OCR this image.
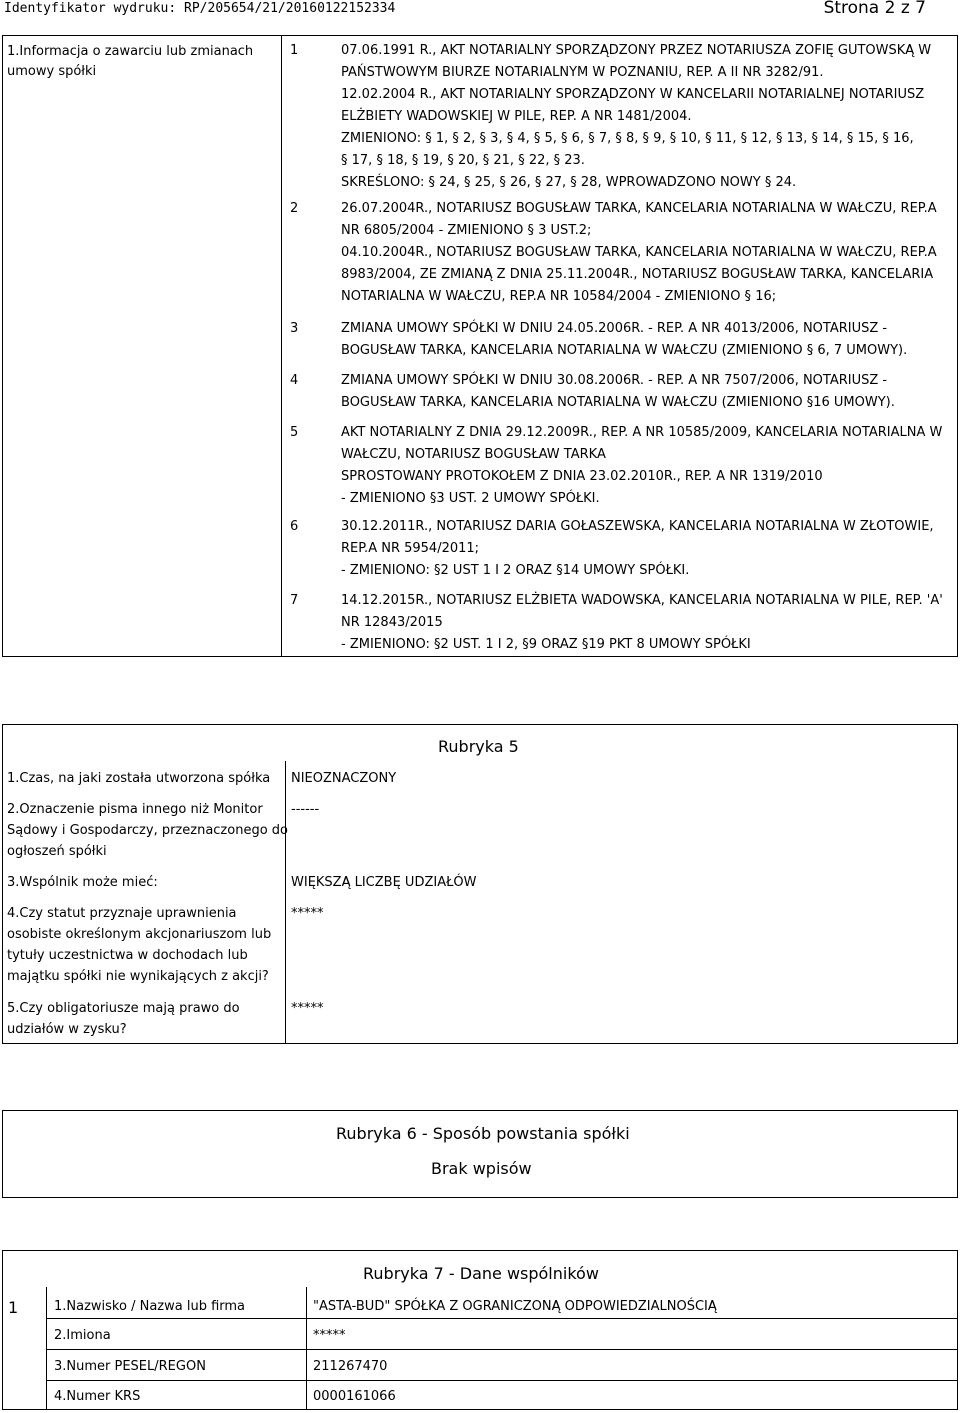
Identyfikator wydruku: RP/205654/21/20160122152334	Strona 2 z 7
1.Informacja o zawarciu lub zmianach
umowy spółki
1	07.06.1991 R., AKT NOTARIALNY SPORZĄDZONY PRZEZ NOTARIUSZA ZOFIĘ GUTOWSKĄ W
PAŃSTWOWYM BIURZE NOTARIALNYM W POZNANIU, REP. A II NR 3282/91.
12.02.2004 R., AKT NOTARIALNY SPORZĄDZONY W KANCELARII NOTARIALNEJ NOTARIUSZ
ELŻBIETY WADOWSKIEJ W PILE, REP. A NR 1481/2004.
ZMIENIONO: § 1, § 2, § 3, § 4, § 5, § 6, § 7, § 8, § 9, § 10, § 11, § 12, § 13, § 14, § 15, § 16,
§ 17, § 18, § 19, § 20, § 21, § 22, § 23.
SKREŚLONO: § 24, § 25, § 26, § 27, § 28, WPROWADZONO NOWY § 24.
2	26.07.2004R., NOTARIUSZ BOGUSŁAW TARKA, KANCELARIA NOTARIALNA W WAŁCZU, REP.A
NR 6805/2004 - ZMIENIONO § 3 UST.2;
04.10.2004R., NOTARIUSZ BOGUSŁAW TARKA, KANCELARIA NOTARIALNA W WAŁCZU, REP.A
8983/2004, ZE ZMIANĄ Z DNIA 25.11.2004R., NOTARIUSZ BOGUSŁAW TARKA, KANCELARIA
NOTARIALNA W WAŁCZU, REP.A NR 10584/2004 - ZMIENIONO § 16;
3	ZMIANA UMOWY SPÓŁKI W DNIU 24.05.2006R. - REP. A NR 4013/2006, NOTARIUSZ -
BOGUSŁAW TARKA, KANCELARIA NOTARIALNA W WAŁCZU (ZMIENIONO § 6, 7 UMOWY).
4	ZMIANA UMOWY SPÓŁKI W DNIU 30.08.2006R. - REP. A NR 7507/2006, NOTARIUSZ -
BOGUSŁAW TARKA, KANCELARIA NOTARIALNA W WAŁCZU (ZMIENIONO §16 UMOWY).
5	AKT NOTARIALNY Z DNIA 29.12.2009R., REP. A NR 10585/2009, KANCELARIA NOTARIALNA W
WAŁCZU, NOTARIUSZ BOGUSŁAW TARKA
SPROSTOWANY PROTOKOŁEM Z DNIA 23.02.2010R., REP. A NR 1319/2010
- ZMIENIONO §3 UST. 2 UMOWY SPÓŁKI.
6	30.12.2011R., NOTARIUSZ DARIA GOŁASZEWSKA, KANCELARIA NOTARIALNA W ZŁOTOWIE,
REP.A NR 5954/2011;
- ZMIENIONO: §2 UST 1 I 2 ORAZ §14 UMOWY SPÓŁKI.
7	14.12.2015R., NOTARIUSZ ELŻBIETA WADOWSKA, KANCELARIA NOTARIALNA W PILE, REP. 'A'
NR 12843/2015
- ZMIENIONO: §2 UST. 1 I 2, §9 ORAZ §19 PKT 8 UMOWY SPÓŁKI
Rubryka 5
1.Czas, na jaki została utworzona spółka NIEOZNACZONY
2.Oznaczenie pisma innego niż Monitor
Sądowy i Gospodarczy, przeznaczonego do
ogłoszeń spółki
------
3.Wspólnik może mieć:	WIĘKSZĄ LICZBĘ UDZIAŁÓW
4.Czy statut przyznaje uprawnienia
osobiste określonym akcjonariuszom lub
tytuły uczestnictwa w dochodach lub
majątku spółki nie wynikających z akcji?
*****
5.Czy obligatoriusze mają prawo do
udziałów w zysku?
*****
Rubryka 6 - Sposób powstania spółki
Brak wpisów
Rubryka 7 - Dane wspólników
1	1.Nazwisko / Nazwa lub firma	"ASTA-BUD" SPÓŁKA Z OGRANICZONĄ ODPOWIEDZIALNOŚCIĄ
2.Imiona	*****
3.Numer PESEL/REGON	211267470
4.Numer KRS	0000161066
